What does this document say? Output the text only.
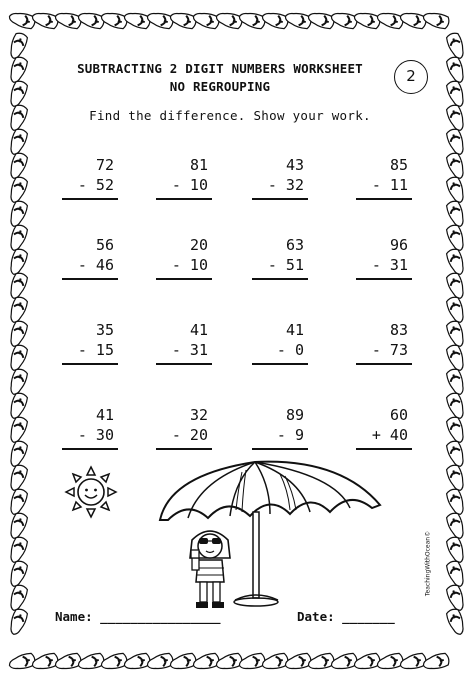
SUBTRACTING 2 DIGIT NUMBERS WORKSHEET
NO REGROUPING
2
Find the difference. Show your work.
72
- 52
81
- 10
43
- 32
85
- 11
56
- 46
20
- 10
63
- 51
96
- 31
35
- 15
41
- 31
41
- 0
83
- 73
41
- 30
32
- 20
89
- 9
60
+ 40
TeachingWithOcean©
Name: ________________	Date: _______
